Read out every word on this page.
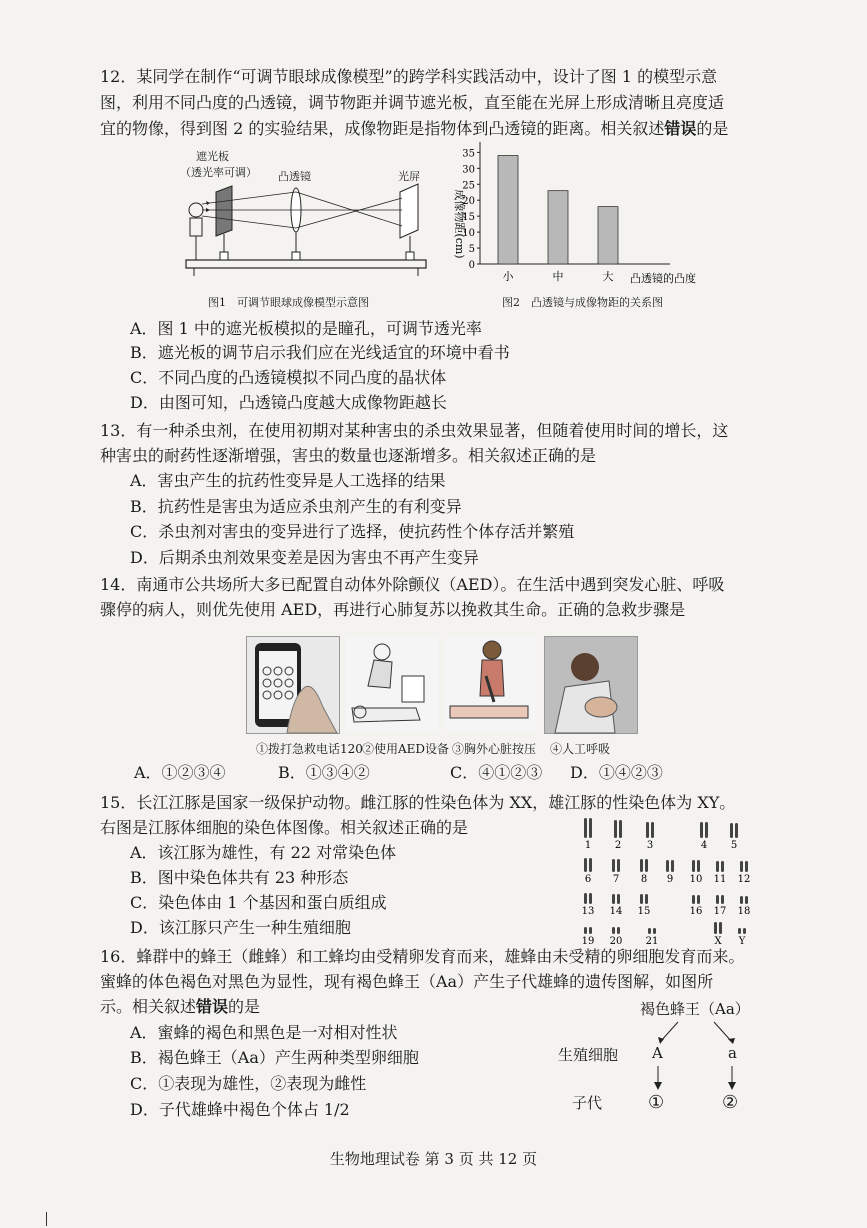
12．某同学在制作“可调节眼球成像模型”的跨学科实践活动中，设计了图 1 的模型示意
图，利用不同凸度的凸透镜，调节物距并调节遮光板，直至能在光屏上形成清晰且亮度适
宜的物像，得到图 2 的实验结果，成像物距是指物体到凸透镜的距离。相关叙述错误的是
遮光板
（透光率可调） 凸透镜	光屏
图1　可调节眼球成像模型示意图
0
5
10
15
20
25
30
35
小	中	大 凸透镜的凸度
成像物距(cm)
图2　凸透镜与成像物距的关系图
A．图 1 中的遮光板模拟的是瞳孔，可调节透光率
B．遮光板的调节启示我们应在光线适宜的环境中看书
C．不同凸度的凸透镜模拟不同凸度的晶状体
D．由图可知，凸透镜凸度越大成像物距越长
13．有一种杀虫剂，在使用初期对某种害虫的杀虫效果显著，但随着使用时间的增长，这
种害虫的耐药性逐渐增强，害虫的数量也逐渐增多。相关叙述正确的是
A．害虫产生的抗药性变异是人工选择的结果
B．抗药性是害虫为适应杀虫剂产生的有利变异
C．杀虫剂对害虫的变异进行了选择，使抗药性个体存活并繁殖
D．后期杀虫剂效果变差是因为害虫不再产生变异
14．南通市公共场所大多已配置自动体外除颤仪（AED）。在生活中遇到突发心脏、呼吸
骤停的病人，则优先使用 AED，再进行心肺复苏以挽救其生命。正确的急救步骤是
①拨打急救电话120 ②使用AED设备 ③胸外心脏按压 ④人工呼吸
A．①②③④	B．①③④②	C．④①②③ D．①④②③
15．长江江豚是国家一级保护动物。雌江豚的性染色体为 XX，雄江豚的性染色体为 XY。
右图是江豚体细胞的染色体图像。相关叙述正确的是
A．该江豚为雄性，有 22 对常染色体
B．图中染色体共有 23 种形态
C．染色体由 1 个基因和蛋白质组成
D．该江豚只产生一种生殖细胞
1 2	3	4 5
6 7 8 9 10 11 12
13 14 15	16 17 18
19 20 21	X Y
16．蜂群中的蜂王（雌蜂）和工蜂均由受精卵发育而来，雄蜂由未受精的卵细胞发育而来。
蜜蜂的体色褐色对黑色为显性，现有褐色蜂王（Aa）产生子代雄蜂的遗传图解，如图所
示。相关叙述错误的是
A．蜜蜂的褐色和黑色是一对相对性状
B．褐色蜂王（Aa）产生两种类型卵细胞
C．①表现为雄性，②表现为雌性
D．子代雄蜂中褐色个体占 1/2
褐色蜂王（Aa）
生殖细胞 A	a
子代	①	②
生物地理试卷 第 3 页 共 12 页
